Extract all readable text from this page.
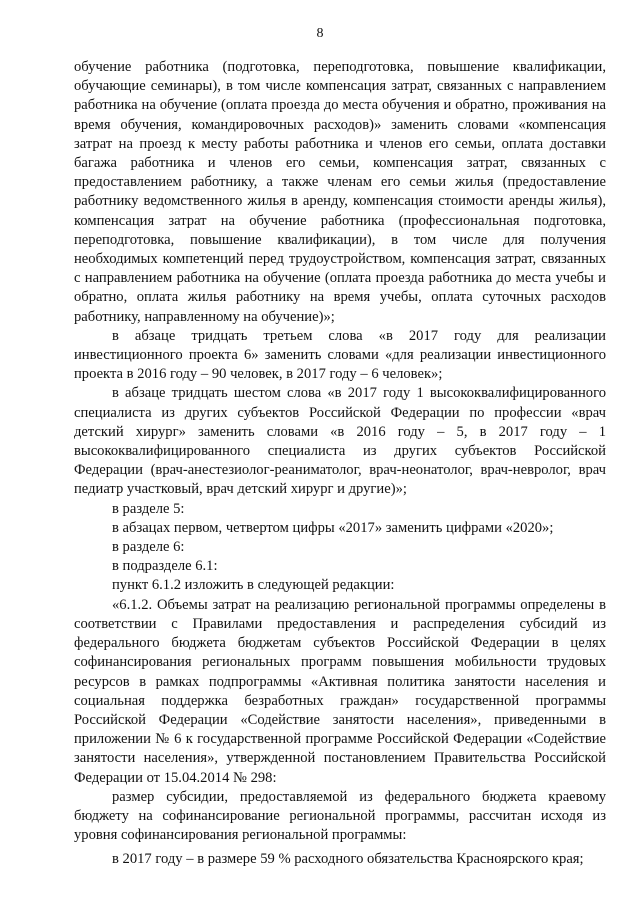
8

обучение работника (подготовка, переподготовка, повышение квалификации, обучающие семинары), в том числе компенсация затрат, связанных с направлением работника на обучение (оплата проезда до места обучения и обратно, проживания на время обучения, командировочных расходов)» заменить словами «компенсация затрат на проезд к месту работы работника и членов его семьи, оплата доставки багажа работника и членов его семьи, компенсация затрат, связанных с предоставлением работнику, а также членам его семьи жилья (предоставление работнику ведомственного жилья в аренду, компенсация стоимости аренды жилья), компенсация затрат на обучение работника (профессиональная подготовка, переподготовка, повышение квалификации), в том числе для получения необходимых компетенций перед трудоустройством, компенсация затрат, связанных с направлением работника на обучение (оплата проезда работника до места учебы и обратно, оплата жилья работнику на время учебы, оплата суточных расходов работнику, направленному на обучение)»;

в абзаце тридцать третьем слова «в 2017 году для реализации инвестиционного проекта 6» заменить словами «для реализации инвестиционного проекта в 2016 году – 90 человек, в 2017 году – 6 человек»;

в абзаце тридцать шестом слова «в 2017 году 1 высококвалифицированного специалиста из других субъектов Российской Федерации по профессии «врач детский хирург» заменить словами «в 2016 году – 5, в 2017 году – 1 высококвалифицированного специалиста из других субъектов Российской Федерации (врач-анестезиолог-реаниматолог, врач-неонатолог, врач-невролог, врач педиатр участковый, врач детский хирург и другие)»;

в разделе 5:

в абзацах первом, четвертом цифры «2017» заменить цифрами «2020»;

в разделе 6:

в подразделе 6.1:

пункт 6.1.2 изложить в следующей редакции:

«6.1.2. Объемы затрат на реализацию региональной программы определены в соответствии с Правилами предоставления и распределения субсидий из федерального бюджета бюджетам субъектов Российской Федерации в целях софинансирования региональных программ повышения мобильности трудовых ресурсов в рамках подпрограммы «Активная политика занятости населения и социальная поддержка безработных граждан» государственной программы Российской Федерации «Содействие занятости населения», приведенными в приложении № 6 к государственной программе Российской Федерации «Содействие занятости населения», утвержденной постановлением Правительства Российской Федерации от 15.04.2014 № 298:

размер субсидии, предоставляемой из федерального бюджета краевому бюджету на софинансирование региональной программы, рассчитан исходя из уровня софинансирования региональной программы:

в 2017 году – в размере 59 % расходного обязательства Красноярского края;
